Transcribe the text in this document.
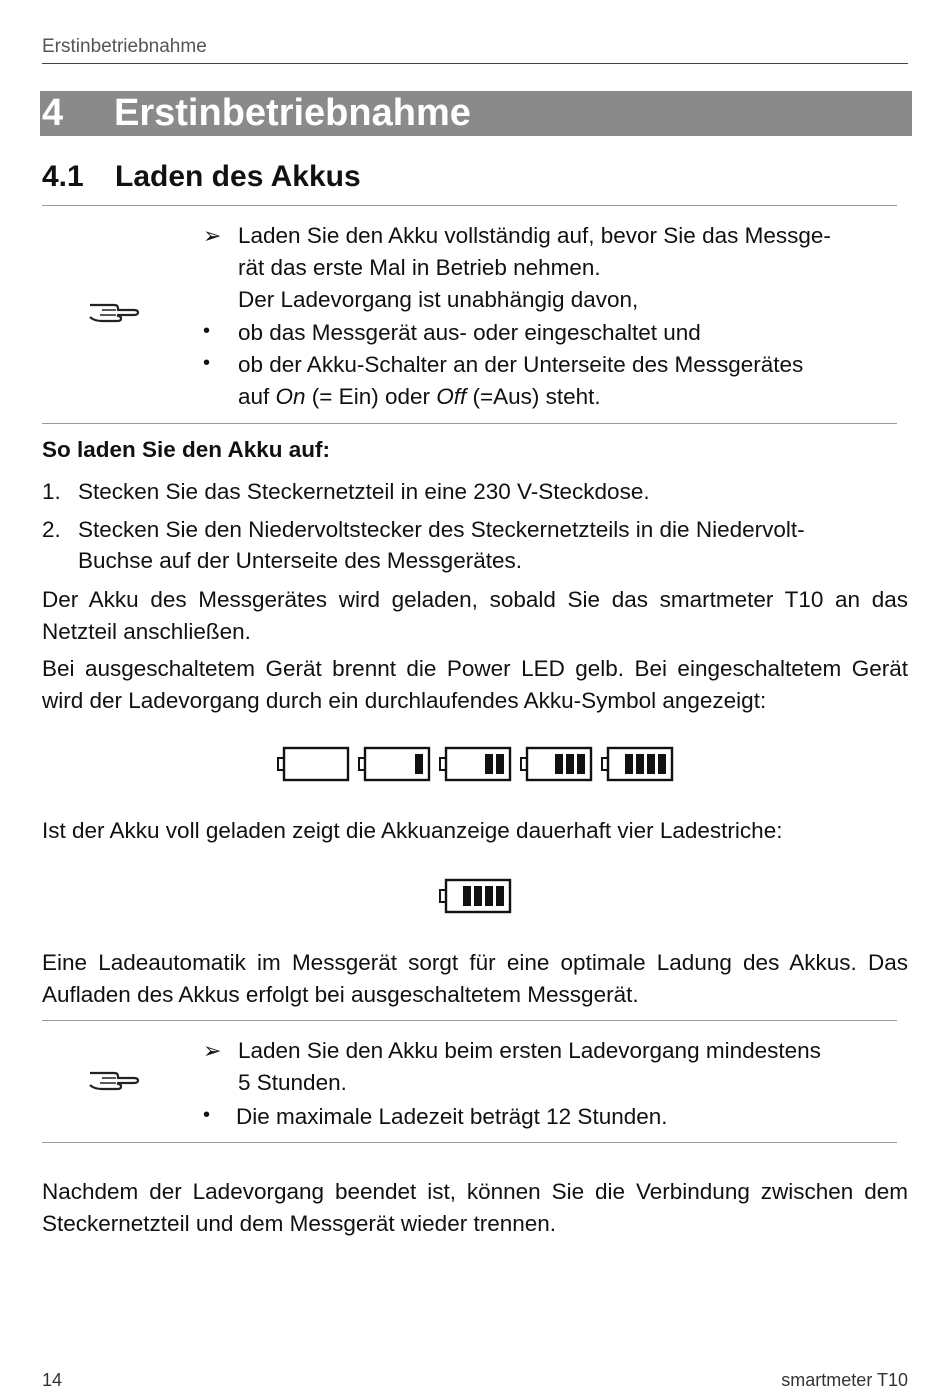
Erstinbetriebnahme
4 Erstinbetriebnahme
4.1 Laden des Akkus
➢ Laden Sie den Akku vollständig auf, bevor Sie das Messge-
rät das erste Mal in Betrieb nehmen.
Der Ladevorgang ist unabhängig davon,
• ob das Messgerät aus- oder eingeschaltet und
• ob der Akku-Schalter an der Unterseite des Messgerätes
auf On (= Ein) oder Off (=Aus) steht.
So laden Sie den Akku auf:
1. Stecken Sie das Steckernetzteil in eine 230 V-Steckdose.
2. Stecken Sie den Niedervoltstecker des Steckernetzteils in die Niedervolt-
Buchse auf der Unterseite des Messgerätes.
Der Akku des Messgerätes wird geladen, sobald Sie das smartmeter T10 an das Netzteil anschließen.
Bei ausgeschaltetem Gerät brennt die Power LED gelb. Bei eingeschaltetem Gerät wird der Ladevorgang durch ein durchlaufendes Akku-Symbol angezeigt:
Ist der Akku voll geladen zeigt die Akkuanzeige dauerhaft vier Ladestriche:
Eine Ladeautomatik im Messgerät sorgt für eine optimale Ladung des Akkus. Das Aufladen des Akkus erfolgt bei ausgeschaltetem Messgerät.
➢ Laden Sie den Akku beim ersten Ladevorgang mindestens
5 Stunden.
• Die maximale Ladezeit beträgt 12 Stunden.
Nachdem der Ladevorgang beendet ist, können Sie die Verbindung zwischen dem Steckernetzteil und dem Messgerät wieder trennen.
14	smartmeter T10
